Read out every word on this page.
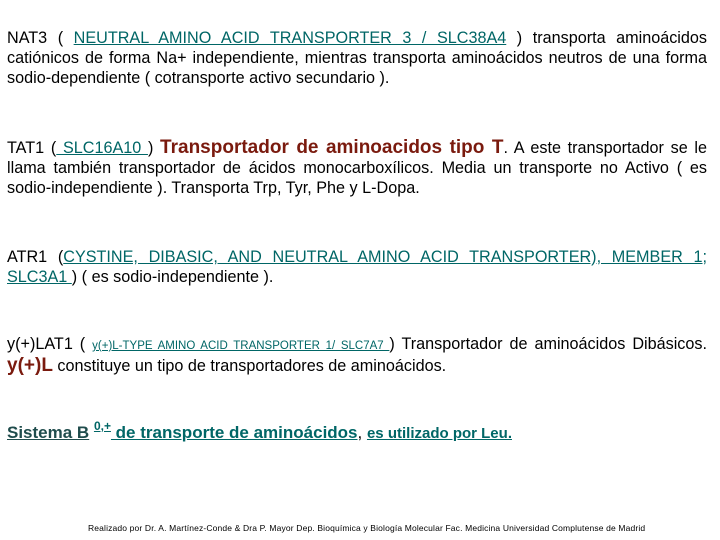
NAT3 ( NEUTRAL AMINO ACID TRANSPORTER 3 / SLC38A4 ) transporta aminoácidos catiónicos de forma Na+ independiente, mientras transporta aminoácidos neutros de una forma sodio-dependiente ( cotransporte activo secundario ).

TAT1 ( SLC16A10 ) Transportador de aminoacidos tipo T. A este transportador se le llama también transportador de ácidos monocarboxílicos. Media un transporte no Activo ( es sodio-independiente ). Transporta Trp, Tyr, Phe y L-Dopa.

ATR1 (CYSTINE, DIBASIC, AND NEUTRAL AMINO ACID TRANSPORTER), MEMBER 1; SLC3A1 ) ( es sodio-independiente ).

y(+)LAT1 ( y(+)L-TYPE AMINO ACID TRANSPORTER 1/ SLC7A7 ) Transportador de aminoácidos Dibásicos. y(+)L constituye un tipo de transportadores de aminoácidos.

Sistema B $^{0,+}$ de transporte de aminoácidos, es utilizado por Leu.

Realizado por Dr. A. Martínez-Conde & Dra P. Mayor Dep. Bioquímica y Biología Molecular Fac. Medicina Universidad Complutense de Madrid
